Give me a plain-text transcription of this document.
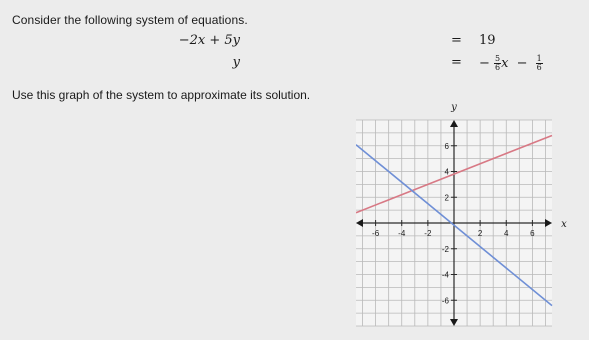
Consider the following system of equations.
−2x + 5y	= 19
y	= − $\frac{5}{6}$ $x - \frac{1}{6}$
Use this graph of the system to approximate its solution.
-6 -4 -2	2	4	6
-6
-4
-2
2
4
6
x
y
